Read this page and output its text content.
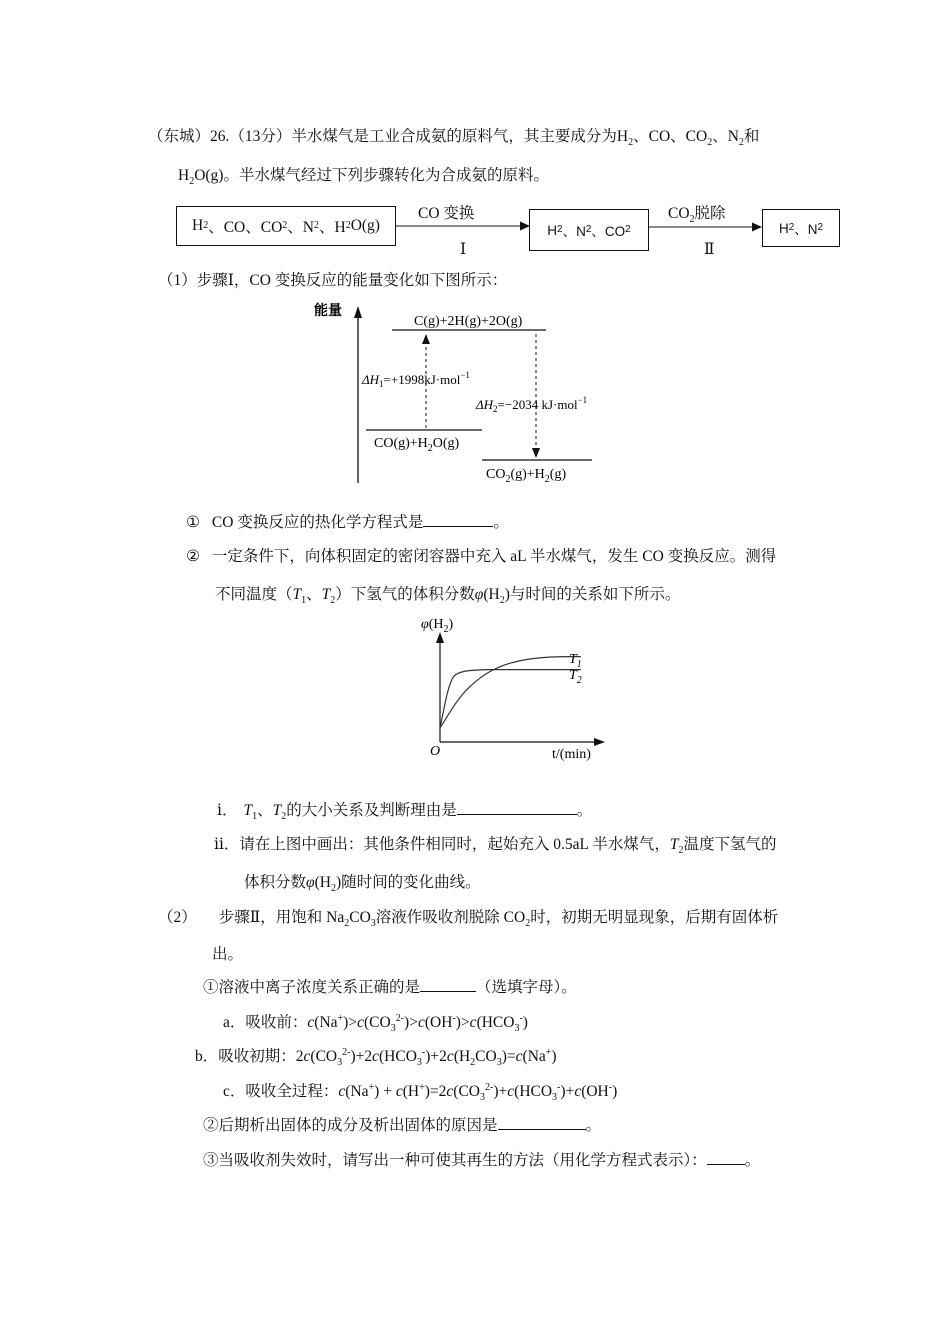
（东城）26.（13分）半水煤气是工业合成氨的原料气，其主要成分为$H_2$、CO、$CO_2$、$N_2$和
$H_2O(g)$。半水煤气经过下列步骤转化为合成氨的原料。
H 2 、CO、CO 2 、N 2 、H 2 O(g)
CO 变换
Ⅰ
H 2 、N 2 、CO 2
$CO_2$脱除
Ⅱ
H 2 、N 2
（1）步骤Ⅰ，CO 变换反应的能量变化如下图所示：
能量
C(g)+2H(g)+2O(g)
$CO(g)+H_2O(g)$
$CO_2(g)+H_2(g)$
$\Delta H_1=+1998kJ\cdot mol^{-1}$
$\Delta H_2=-2034$ kJ·mol$^{-1}$
① CO 变换反应的热化学方程式是	。
② 一定条件下，向体积固定的密闭容器中充入 aL 半水煤气，发生 CO 变换反应。测得
不同温度（$T_1$、$T_2$）下氢气的体积分数$\varphi(H_2)$与时间的关系如下所示。
$\varphi(H_2)$
O	t/(min)
$T_1$
$T_2$
ⅰ． $T_1$、$T_2$的大小关系及判断理由是	。
ⅱ．请在上图中画出：其他条件相同时，起始充入 0.5aL 半水煤气，$T_2$温度下氢气的
体积分数$\varphi(H_2)$随时间的变化曲线。
（2） 步骤Ⅱ，用饱和 $Na_2CO_3$溶液作吸收剂脱除 $CO_2$时，初期无明显现象，后期有固体析
出。
①溶液中离子浓度关系正确的是	（选填字母）。
a．吸收前：$c(Na^+)>c(CO_3^{2-})>c(OH^-)>c(HCO_3^-)$
b．吸收初期：$2c(CO_3^{2-})+2c(HCO_3^-)+2c(H_2CO_3)=c(Na^+)$
c．吸收全过程：$c(Na^+) + c(H^+)=2c(CO_3^{2-})+c(HCO_3^-)+c(OH^-)$
②后期析出固体的成分及析出固体的原因是	。
③当吸收剂失效时，请写出一种可使其再生的方法（用化学方程式表示）： 。
